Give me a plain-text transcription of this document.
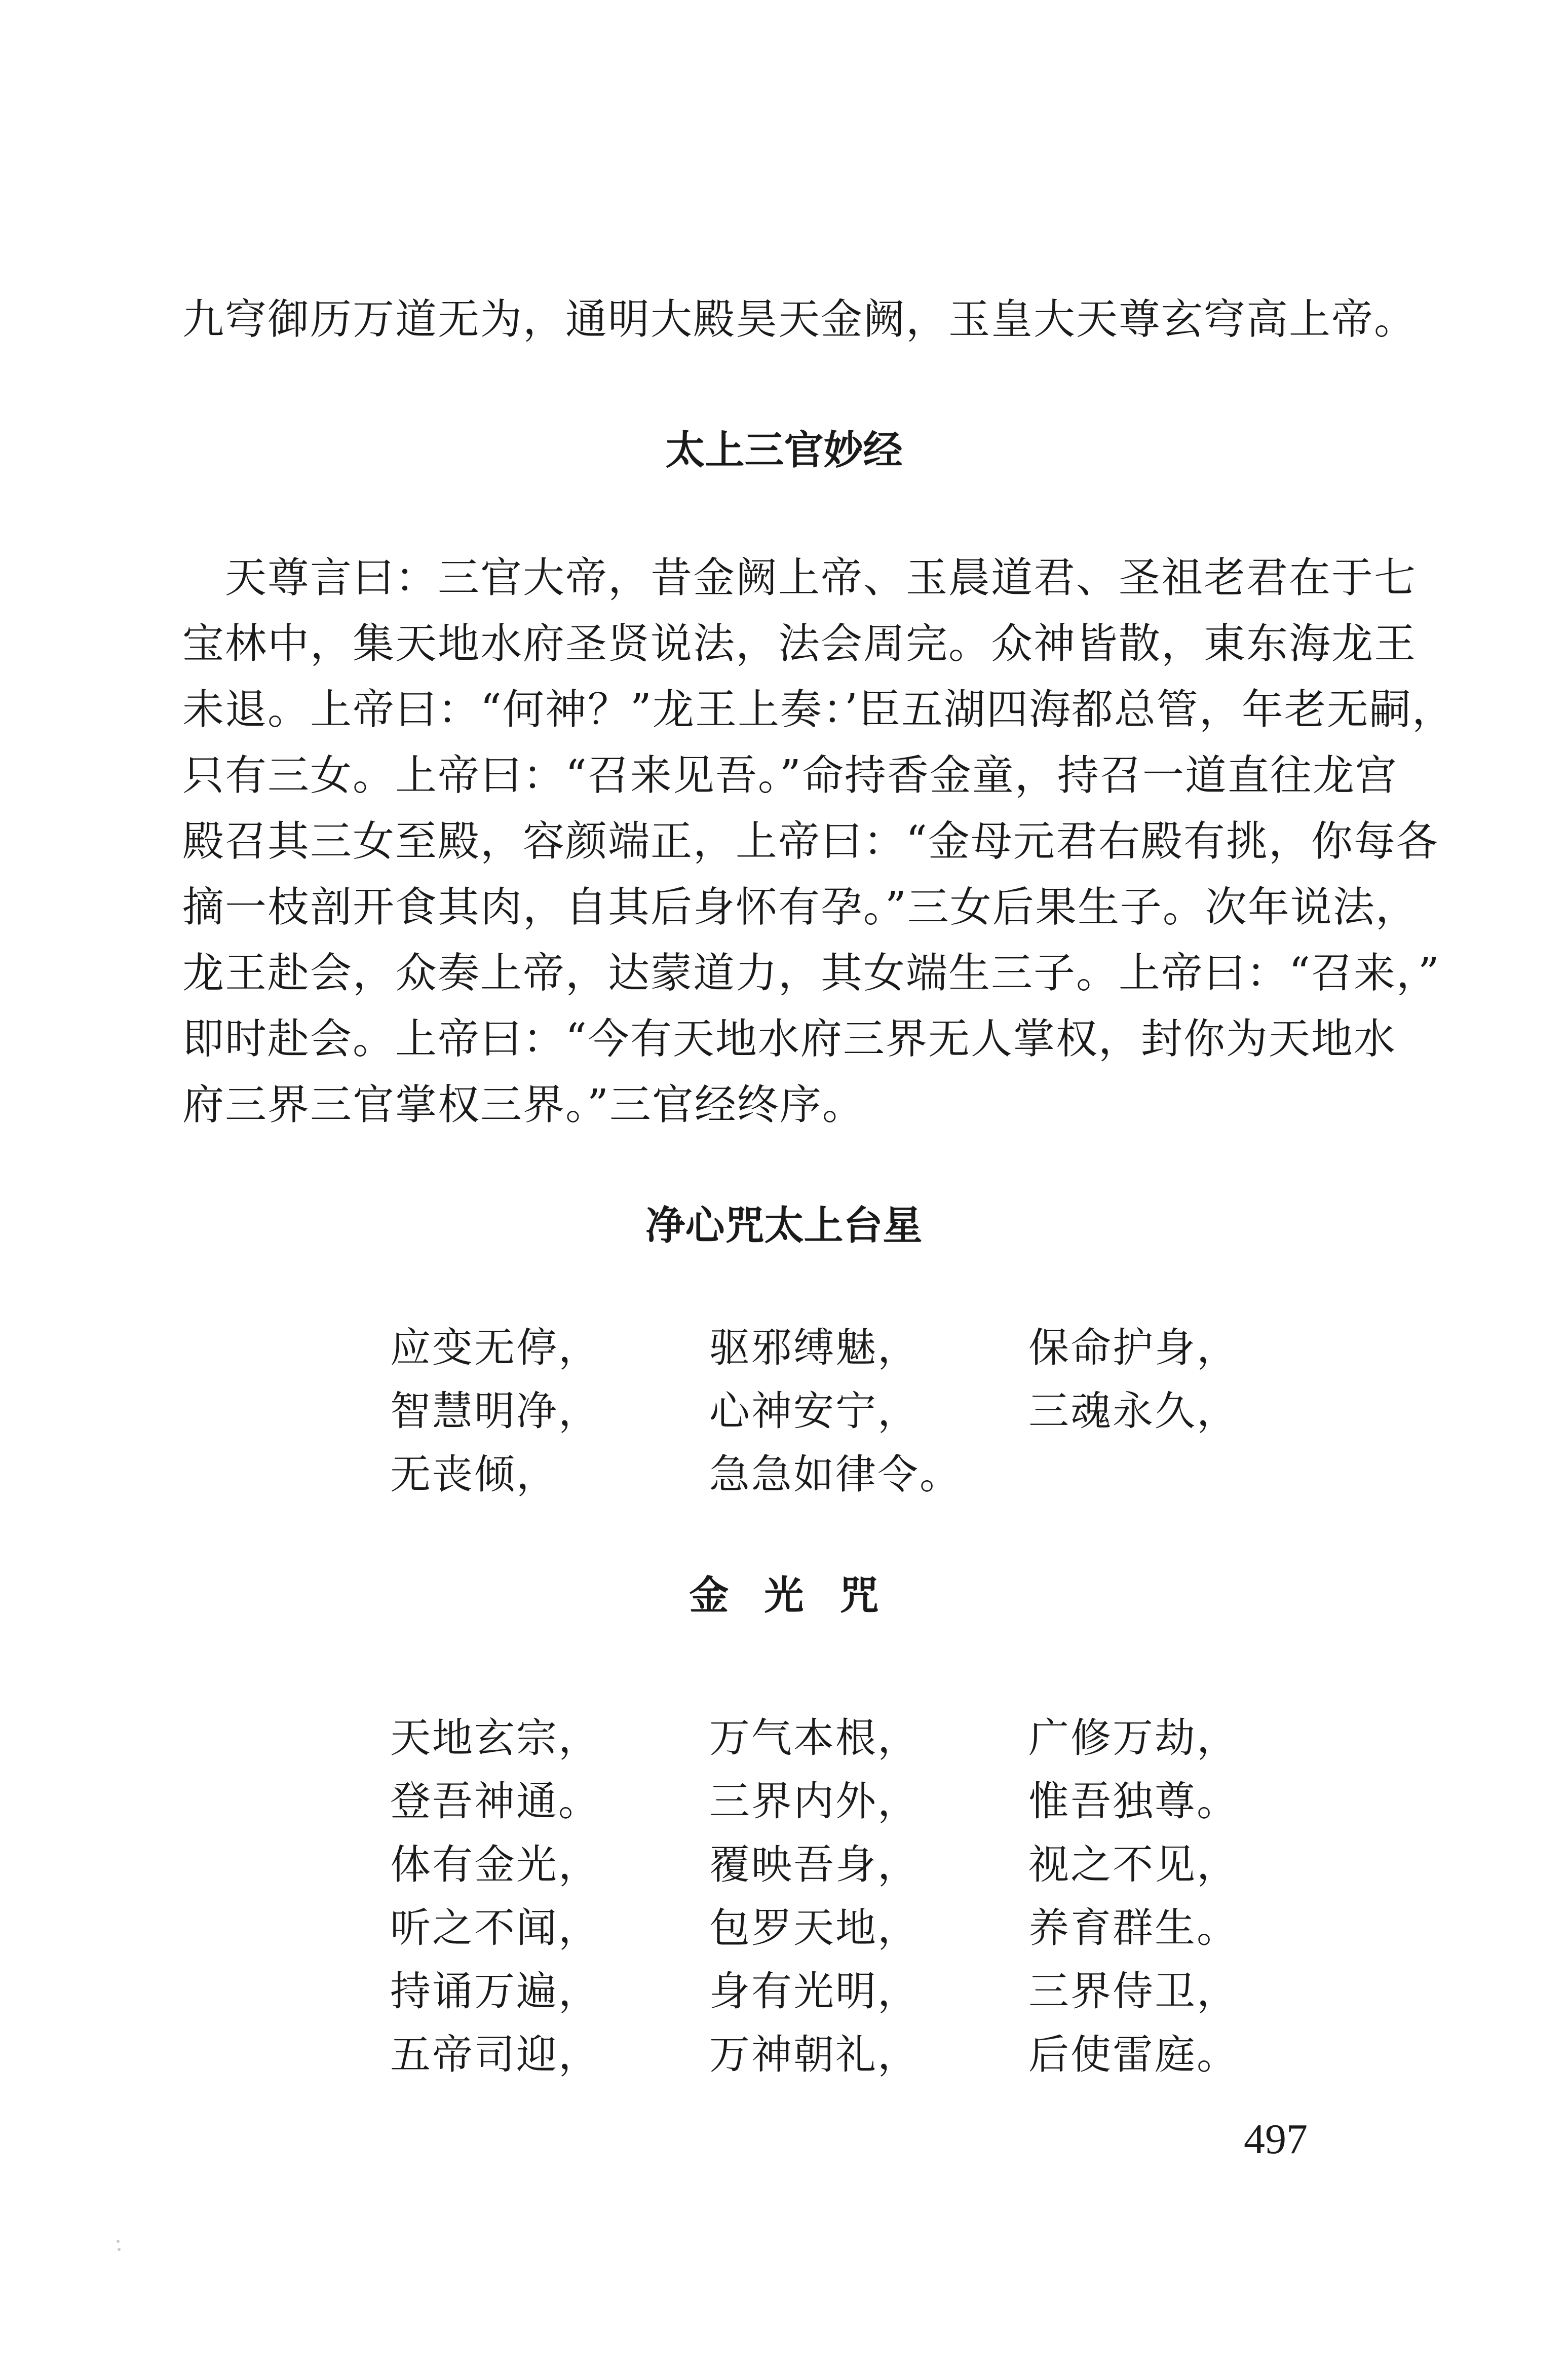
九穹御历万道无为，通明大殿昊天金阙，玉皇大天尊玄穹高上帝。
太上三官妙经
　天尊言曰：三官大帝，昔金阙上帝、玉晨道君、圣祖老君在于七
宝林中，集天地水府圣贤说法，法会周完。众神皆散，東东海龙王
未退。上帝曰：“何神？”龙王上奏：’臣五湖四海都总管，年老无嗣，
只有三女。上帝曰：“召来见吾。”命持香金童，持召一道直往龙宫
殿召其三女至殿，容颜端正，上帝曰：“金母元君右殿有挑，你每各
摘一枝剖开食其肉，自其后身怀有孕。”三女后果生子。次年说法，
龙王赴会，众奏上帝，达蒙道力，其女端生三子。上帝曰：“召来，”
即时赴会。上帝曰：“今有天地水府三界无人掌权，封你为天地水
府三界三官掌权三界。”三官经终序。
净心咒太上台星
应变无停，	驱邪缚魅，	保命护身，
智慧明净，	心神安宁，	三魂永久，
无丧倾，	急急如律令。
金光咒
天地玄宗，	万气本根，	广修万劫，
登吾神通。	三界内外，	惟吾独尊。
体有金光，	覆映吾身，	视之不见，
听之不闻，	包罗天地，	养育群生。
持诵万遍，	身有光明，	三界侍卫，
五帝司迎，	万神朝礼，	后使雷庭。
497
